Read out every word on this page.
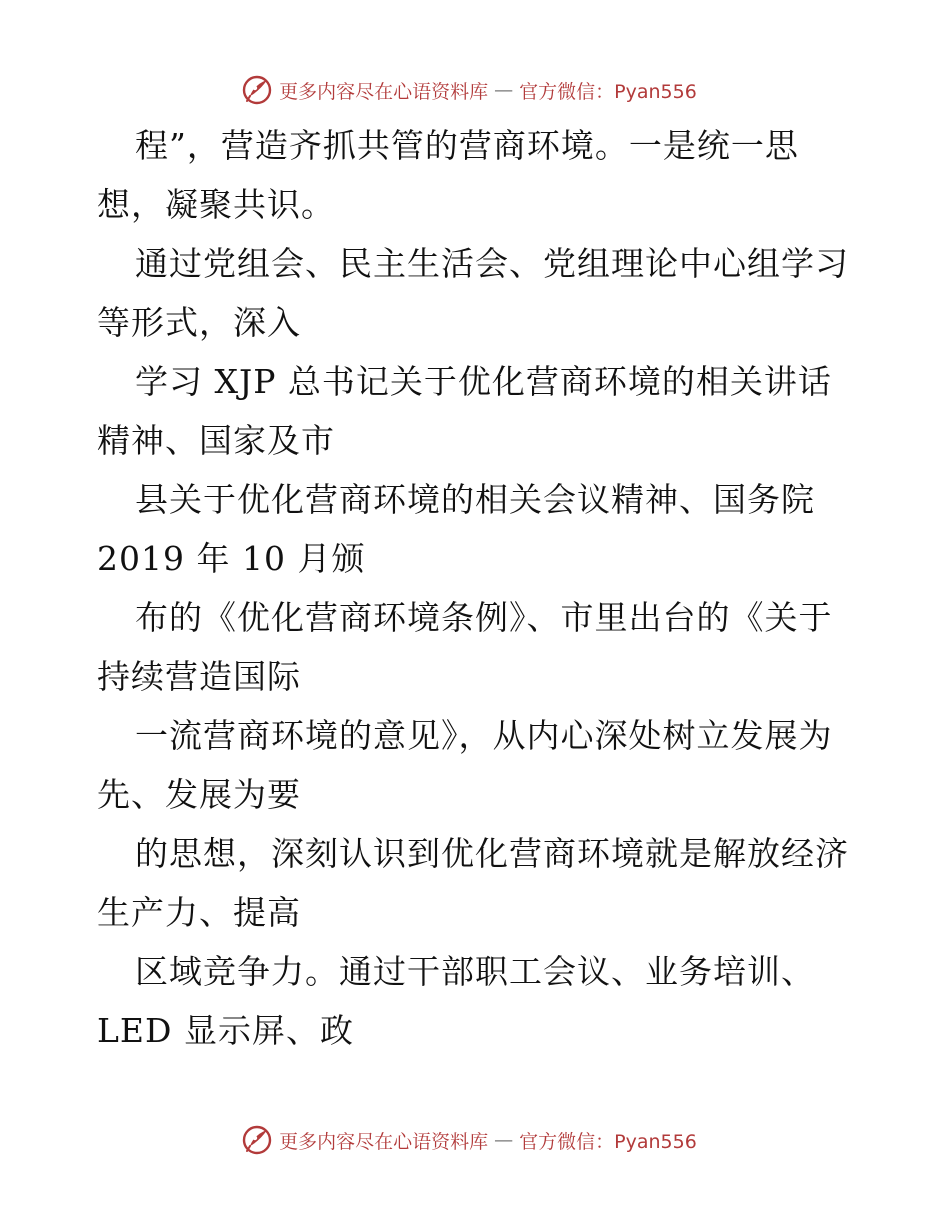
更多内容尽在心语资料库 — 官方微信：Pyan556
程”，营造齐抓共管的营商环境。一是统一思
想，凝聚共识。
通过党组会、民主生活会、党组理论中心组学习
等形式，深入
学习 XJP 总书记关于优化营商环境的相关讲话
精神、国家及市
县关于优化营商环境的相关会议精神、国务院
2019 年 10 月颁
布的《优化营商环境条例》、市里出台的《关于
持续营造国际
一流营商环境的意见》，从内心深处树立发展为
先、发展为要
的思想，深刻认识到优化营商环境就是解放经济
生产力、提高
区域竞争力。通过干部职工会议、业务培训、
LED 显示屏、政
更多内容尽在心语资料库 — 官方微信：Pyan556
